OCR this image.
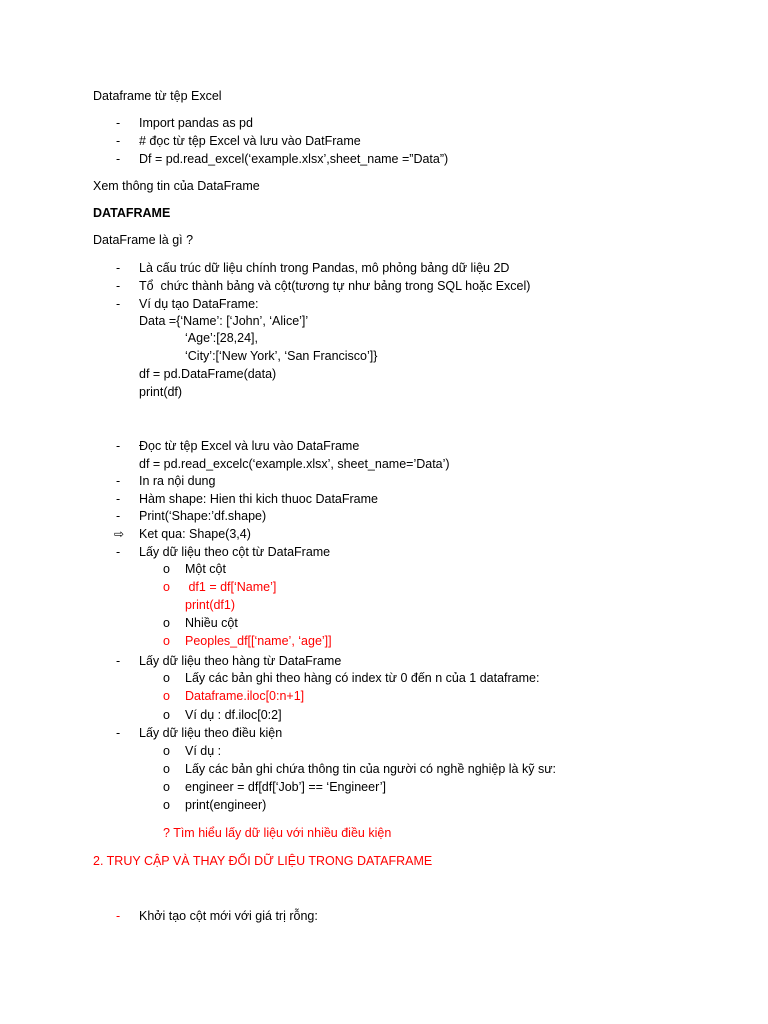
Dataframe từ tệp Excel
- Import pandas as pd
- # đọc từ tệp Excel và lưu vào DatFrame
- Df = pd.read_excel(‘example.xlsx’,sheet_name =”Data”)
Xem thông tin của DataFrame
DATAFRAME
DataFrame là gì ?
- Là cấu trúc dữ liệu chính trong Pandas, mô phỏng bảng dữ liệu 2D
- Tổ  chức thành bảng và cột(tương tự như bảng trong SQL hoặc Excel)
- Ví dụ tạo DataFrame:
Data ={‘Name’: [‘John’, ‘Alice’]’
‘Age’:[28,24],
‘City’:[‘New York’, ‘San Francisco’]}
df = pd.DataFrame(data)
print(df)
- Đọc từ tệp Excel và lưu vào DataFrame
df = pd.read_excelc(‘example.xlsx’, sheet_name=’Data’)
- In ra nội dung
- Hàm shape: Hien thi kich thuoc DataFrame
- Print(‘Shape:’df.shape)
⇨ Ket qua: Shape(3,4)
- Lấy dữ liệu theo cột từ DataFrame
o Một cột
o df1 = df[‘Name’]
print(df1)
o Nhiều cột
o Peoples_df[[‘name’, ‘age’]]
- Lấy dữ liệu theo hàng từ DataFrame
o Lấy các bản ghi theo hàng có index từ 0 đến n của 1 dataframe:
o Dataframe.iloc[0:n+1]
o Ví dụ : df.iloc[0:2]
- Lấy dữ liệu theo điều kiện
o Ví dụ :
o Lấy các bản ghi chứa thông tin của người có nghề nghiệp là kỹ sư:
o engineer = df[df[‘Job’] == ‘Engineer’]
o print(engineer)
? Tìm hiểu lấy dữ liệu với nhiều điều kiện
2. TRUY CẬP VÀ THAY ĐỔI DỮ LIỆU TRONG DATAFRAME
- Khởi tạo cột mới với giá trị rỗng:
